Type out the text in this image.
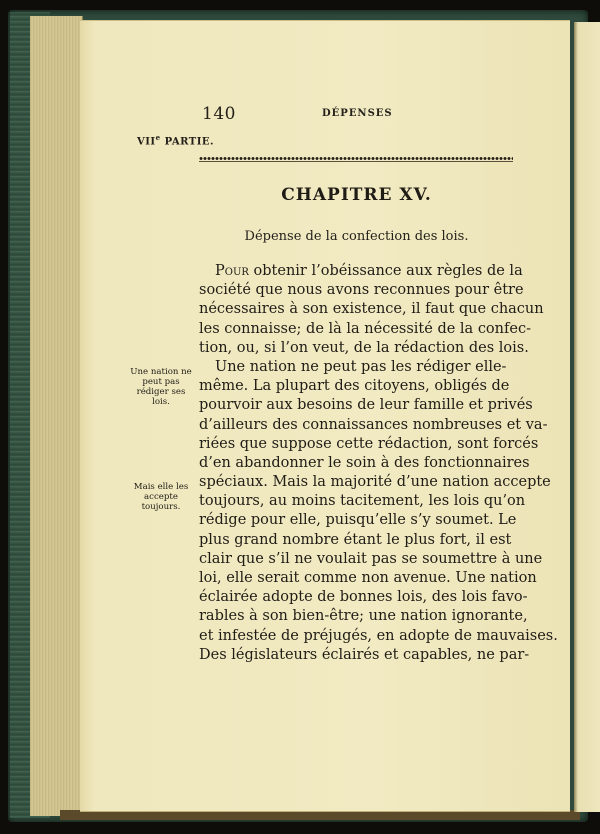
140	DÉPENSES
VIIe PARTIE.
CHAPITRE XV.
Dépense de la confection des lois.
Pour obtenir l’obéissance aux règles de la
société que nous avons reconnues pour être
nécessaires à son existence, il faut que chacun
les connaisse; de là la nécessité de la confec-
tion, ou, si l’on veut, de la rédaction des lois.
Une nation ne peut pas les rédiger elle-
même. La plupart des citoyens, obligés de
pourvoir aux besoins de leur famille et privés
d’ailleurs des connaissances nombreuses et va-
riées que suppose cette rédaction, sont forcés
d’en abandonner le soin à des fonctionnaires
spéciaux. Mais la majorité d’une nation accepte
toujours, au moins tacitement, les lois qu’on
rédige pour elle, puisqu’elle s’y soumet. Le
plus grand nombre étant le plus fort, il est
clair que s’il ne voulait pas se soumettre à une
loi, elle serait comme non avenue. Une nation
éclairée adopte de bonnes lois, des lois favo-
rables à son bien-être; une nation ignorante,
et infestée de préjugés, en adopte de mauvaises.
Des législateurs éclairés et capables, ne par-
Une nation ne
peut pas
rédiger ses
lois.
Mais elle les
accepte
toujours.
